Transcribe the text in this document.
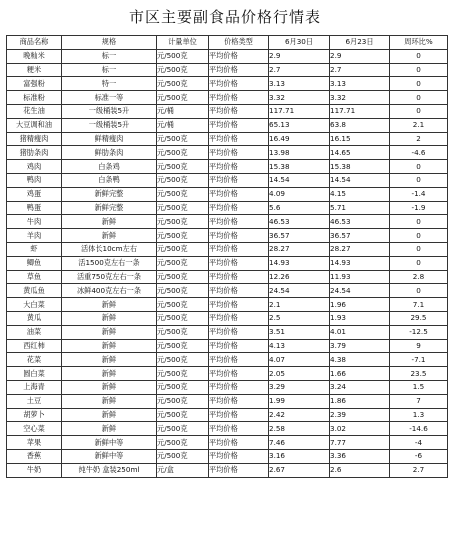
市区主要副食品价格行情表
商品名称	规格	计量单位	价格类型	6月30日	6月23日	周环比%
晚籼米	标一	元/500克	平均价格	2.9	2.9	0
粳米	标一	元/500克	平均价格	2.7	2.7	0
富强粉	特一	元/500克	平均价格	3.13	3.13	0
标准粉	标准一等	元/500克	平均价格	3.32	3.32	0
花生油	一级桶装5升	元/桶	平均价格	117.71	117.71	0
大豆调和油	一级桶装5升	元/桶	平均价格	65.13	63.8	2.1
猪精瘦肉	鲜精瘦肉	元/500克	平均价格	16.49	16.15	2
猪肋条肉	鲜肋条肉	元/500克	平均价格	13.98	14.65	-4.6
鸡肉	白条鸡	元/500克	平均价格	15.38	15.38	0
鸭肉	白条鸭	元/500克	平均价格	14.54	14.54	0
鸡蛋	新鲜完整	元/500克	平均价格	4.09	4.15	-1.4
鸭蛋	新鲜完整	元/500克	平均价格	5.6	5.71	-1.9
牛肉	新鲜	元/500克	平均价格	46.53	46.53	0
羊肉	新鲜	元/500克	平均价格	36.57	36.57	0
虾	活体长10cm左右	元/500克	平均价格	28.27	28.27	0
鲫鱼	活1500克左右一条	元/500克	平均价格	14.93	14.93	0
草鱼	活重750克左右一条	元/500克	平均价格	12.26	11.93	2.8
黄瓜鱼	冰鲜400克左右一条	元/500克	平均价格	24.54	24.54	0
大白菜	新鲜	元/500克	平均价格	2.1	1.96	7.1
黄瓜	新鲜	元/500克	平均价格	2.5	1.93	29.5
油菜	新鲜	元/500克	平均价格	3.51	4.01	-12.5
西红柿	新鲜	元/500克	平均价格	4.13	3.79	9
花菜	新鲜	元/500克	平均价格	4.07	4.38	-7.1
圆白菜	新鲜	元/500克	平均价格	2.05	1.66	23.5
上海青	新鲜	元/500克	平均价格	3.29	3.24	1.5
土豆	新鲜	元/500克	平均价格	1.99	1.86	7
胡萝卜	新鲜	元/500克	平均价格	2.42	2.39	1.3
空心菜	新鲜	元/500克	平均价格	2.58	3.02	-14.6
苹果	新鲜中等	元/500克	平均价格	7.46	7.77	-4
香蕉	新鲜中等	元/500克	平均价格	3.16	3.36	-6
牛奶	纯牛奶 盒装250ml	元/盒	平均价格	2.67	2.6	2.7
